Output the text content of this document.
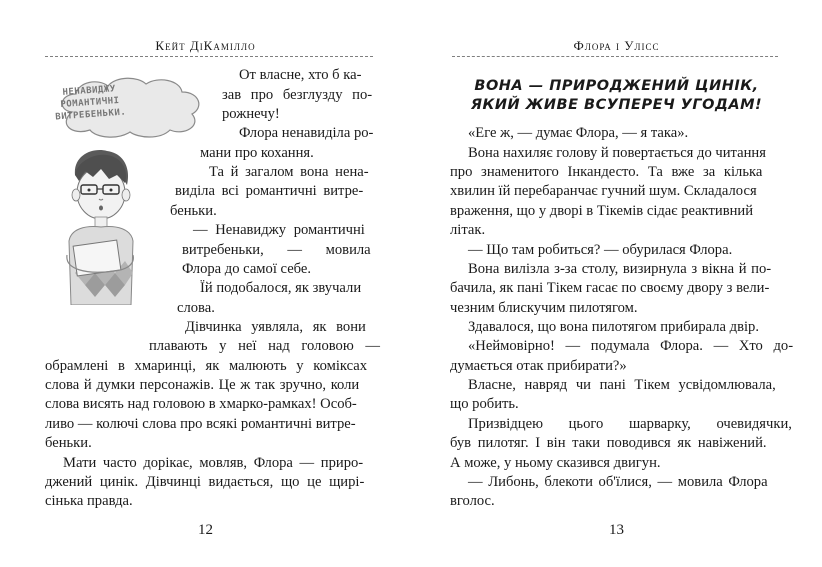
Кейт ДіКамілло
НЕНАВИДЖУ
РОМАНТИЧНІ
ВИТРЕБЕНЬКИ.
От власне, хто б ка-
зав про безглузду по-
рожнечу!
Флора ненавиділа ро-
мани про кохання.
Та й загалом вона нена-
виділа всі романтичні витре-
беньки.
— Ненавиджу романтичні
витребеньки, — мовила
Флора до самої себе.
Їй подобалося, як звучали
слова.
Дівчинка уявляла, як вони
плавають у неї над головою —
обрамлені в хмаринці, як малюють у коміксах
слова й думки персонажів. Це ж так зручно, коли
слова висять над головою в хмарко-рамках! Особ-
ливо — колючі слова про всякі романтичні витре-
беньки.
Мати часто дорікає, мовляв, Флора — приро-
джений цинік. Дівчинці видається, що це щирі-
сінька правда.
12
Флора і Улісс
ВОНА — ПРИРОДЖЕНИЙ ЦИНІК,
ЯКИЙ ЖИВЕ ВСУПЕРЕЧ УГОДАМ!
«Еге ж, — думає Флора, — я така».
Вона нахиляє голову й повертається до читання
про знаменитого Інкандесто. Та вже за кілька
хвилин їй перебаранчає гучний шум. Складалося
враження, що у дворі в Тікемів сідає реактивний
літак.
— Що там робиться? — обурилася Флора.
Вона вилізла з-за столу, визирнула з вікна й по-
бачила, як пані Тікем гасає по своєму двору з вели-
чезним блискучим пилотягом.
Здавалося, що вона пилотягом прибирала двір.
«Неймовірно! — подумала Флора. — Хто до-
думається отак прибирати?»
Власне, навряд чи пані Тікем усвідомлювала,
що робить.
Призвідцею цього шарварку, очевидячки,
був пилотяг. І він таки поводився як навіжений.
А може, у ньому сказився двигун.
— Либонь, блекоти об'їлися, — мовила Флора
вголос.
13
